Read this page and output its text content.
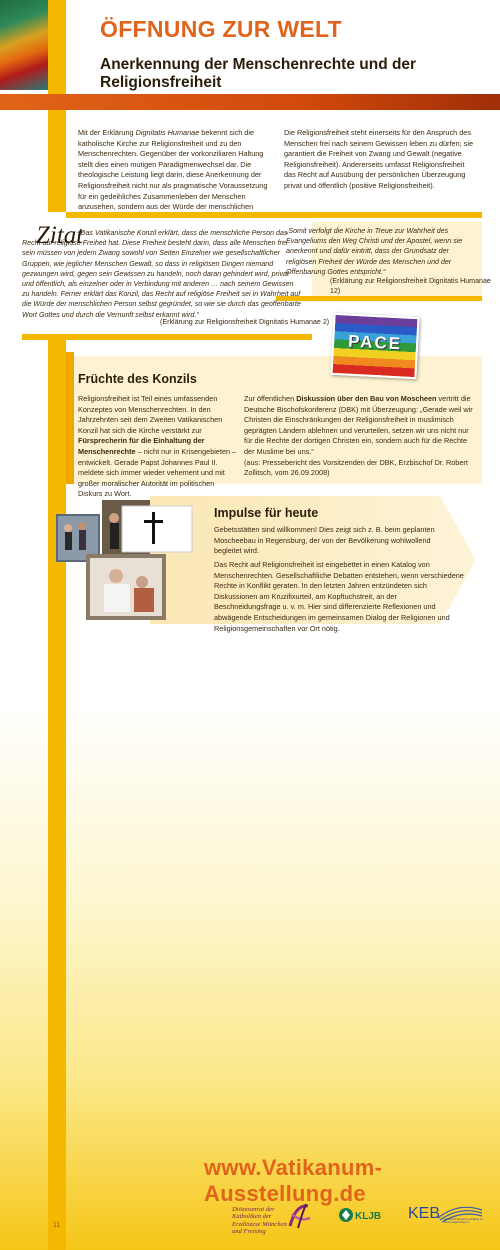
ÖFFNUNG ZUR WELT
Anerkennung der Menschenrechte und der Religionsfreiheit
Mit der Erklärung Dignitatis Humanae bekennt sich die katholische Kirche zur Religionsfreiheit und zu den Menschenrechten. Gegenüber der vorkonziliaren Haltung stellt dies einen mutigen Paradigmenwechsel dar. Die theologische Leistung liegt darin, diese Anerkennung der Religionsfreiheit nicht nur als pragmatische Voraussetzung für ein gedeihliches Zusammenleben der Menschen anzusehen, sondern aus der Würde der menschlichen
Die Religionsfreiheit steht einerseits für den Anspruch des Menschen frei nach seinem Gewissen leben zu dürfen; sie garantiert die Freiheit von Zwang und Gewalt (negative Religionsfreiheit). Andererseits umfasst Religionsfreiheit das Recht auf Ausübung der persönlichen Überzeugung privat und öffentlich (positive Religionsfreiheit).
„Das Vatikanische Konzil erklärt, dass die menschliche Person das Recht auf religiöse Freiheit hat. Diese Freiheit besteht darin, dass alle Menschen frei sein müssen von jedem Zwang sowohl von Seiten Einzelner wie gesellschaftlicher Gruppen, wie jeglicher Menschen Gewalt, so dass in religiösen Dingen niemand gezwungen wird, gegen sein Gewissen zu handeln, noch daran gehindert wird, privat und öffentlich, als einzelner oder in Verbindung mit anderen … nach seinem Gewissen zu handeln. Ferner erklärt das Konzil, das Recht auf religiöse Freiheit sei in Wahrheit auf die Würde der menschlichen Person selbst gegründet, so wie sie durch das geoffenbarte Wort Gottes und durch die Vernunft selbst erkannt wird.“
Zitat
(Erklärung zur Religionsfreiheit Dignitatis Humanae 2)
„Somit verfolgt die Kirche in Treue zur Wahrheit des Evangeliums den Weg Christi und der Apostel, wenn sie anerkennt und dafür eintritt, dass der Grundsatz der religiösen Freiheit der Würde des Menschen und der Offenbarung Gottes entspricht.“
(Erklärung zur Religionsfreiheit Dignitatis Humanae 12)
PACE
Früchte des Konzils
Religionsfreiheit ist Teil eines umfassenden Konzeptes von Menschenrechten. In den Jahrzehnten seit dem Zweiten Vatikanischen Konzil hat sich die Kirche verstärkt zur Fürsprecherin für die Einhaltung der Menschenrechte – nicht nur in Krisengebieten – entwickelt. Gerade Papst Johannes Paul II. meldete sich immer wieder vehement und mit großer moralischer Autorität im politischen Diskurs zu Wort.
Zur öffentlichen Diskussion über den Bau von Moscheen vertritt die Deutsche Bischofskonferenz (DBK) mit Überzeugung: „Gerade weil wir Christen die Einschränkungen der Religionsfreiheit in muslimisch geprägten Ländern ablehnen und verurteilen, setzen wir uns nicht nur für die Rechte der dortigen Christen ein, sondern auch für die Rechte der Muslime bei uns.“
(aus: Pressebericht des Vorsitzenden der DBK, Erzbischof Dr. Robert Zollitsch, vom 26.09.2008)
Impulse für heute
Gebetsstätten sind willkommen! Dies zeigt sich z. B. beim geplanten Moscheebau in Regensburg, der von der Bevölkerung wohlwollend begleitet wird.
Das Recht auf Religionsfreiheit ist eingebettet in einen Katalog von Menschenrechten. Gesellschaftliche Debatten entstehen, wenn verschiedene Rechte in Konflikt geraten. In den letzten Jahren entzündeten sich Diskussionen am Kruzifixurteil, am Kopftuchstreit, an der Beschneidungsfrage u. v. m. Hier sind differenzierte Reflexionen und abwägende Entscheidungen im gemeinsamen Dialog der Religionen und Religionsgemeinschaften vor Ort nötig.
www.Vatikanum-Ausstellung.de
11
Diözesanrat der Katholiken der Erzdiözese München und Freising
KLJB KEB Katholische Erwachsenenbildung im Bistum Regensburg e.V.
